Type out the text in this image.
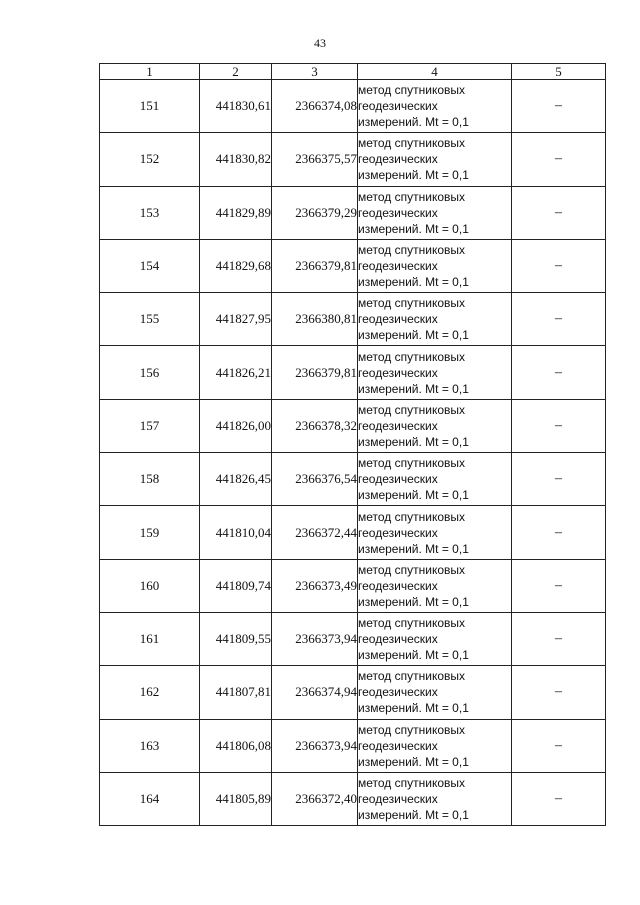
43
1	2	3	4	5
151	441830,61	2366374,08	метод спутниковых
геодезических
измерений. Mt = 0,1	–
152	441830,82	2366375,57	метод спутниковых
геодезических
измерений. Mt = 0,1	–
153	441829,89	2366379,29	метод спутниковых
геодезических
измерений. Mt = 0,1	–
154	441829,68	2366379,81	метод спутниковых
геодезических
измерений. Mt = 0,1	–
155	441827,95	2366380,81	метод спутниковых
геодезических
измерений. Mt = 0,1	–
156	441826,21	2366379,81	метод спутниковых
геодезических
измерений. Mt = 0,1	–
157	441826,00	2366378,32	метод спутниковых
геодезических
измерений. Mt = 0,1	–
158	441826,45	2366376,54	метод спутниковых
геодезических
измерений. Mt = 0,1	–
159	441810,04	2366372,44	метод спутниковых
геодезических
измерений. Mt = 0,1	–
160	441809,74	2366373,49	метод спутниковых
геодезических
измерений. Mt = 0,1	–
161	441809,55	2366373,94	метод спутниковых
геодезических
измерений. Mt = 0,1	–
162	441807,81	2366374,94	метод спутниковых
геодезических
измерений. Mt = 0,1	–
163	441806,08	2366373,94	метод спутниковых
геодезических
измерений. Mt = 0,1	–
164	441805,89	2366372,40	метод спутниковых
геодезических
измерений. Mt = 0,1	–
